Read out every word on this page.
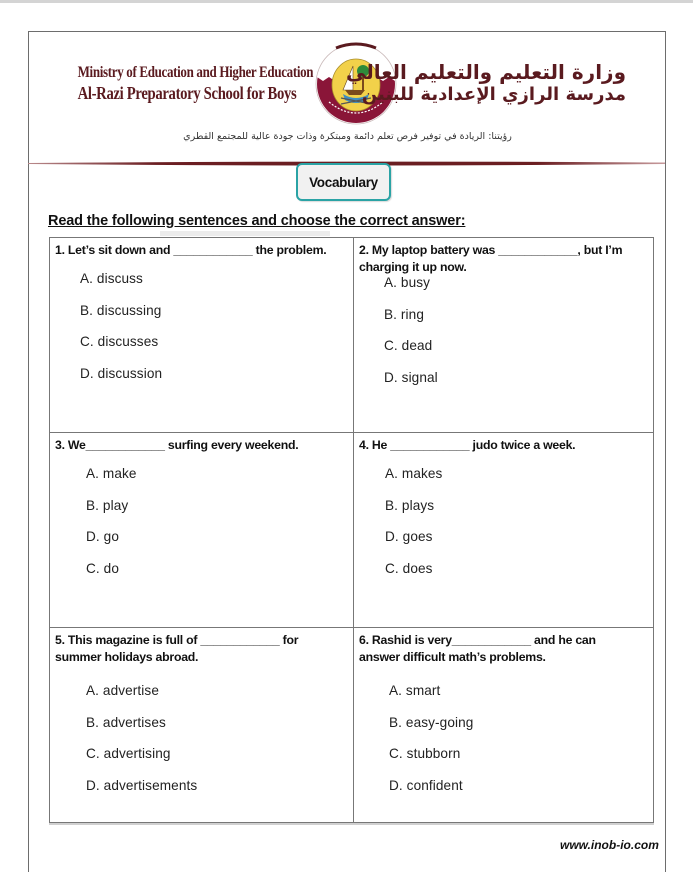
Ministry of Education and Higher Education
Al-Razi Preparatory School for Boys
وزارة التعليم والتعليم العالي
مدرسة الرازي الإعدادية للبنين
رؤيتنا: الريادة في توفير فرص تعلم دائمة ومبتكرة وذات جودة عالية للمجتمع القطري
Vocabulary
Read the following sentences and choose the correct answer:
1. Let’s sit down and ____________ the problem.
A. discuss
B. discussing
C. discusses
D. discussion
2. My laptop battery was ____________, but I’m charging it up now.
A. busy
B. ring
C. dead
D. signal
3. We____________ surfing every weekend.
A. make
B. play
D. go
C. do
4. He ____________ judo twice a week.
A. makes
B. plays
D. goes
C. does
5. This magazine is full of ____________ for summer holidays abroad.
A. advertise
B. advertises
C. advertising
D. advertisements
6. Rashid is very____________ and he can answer difficult math’s problems.
A. smart
B. easy-going
C. stubborn
D. confident
www.inob-io.com
